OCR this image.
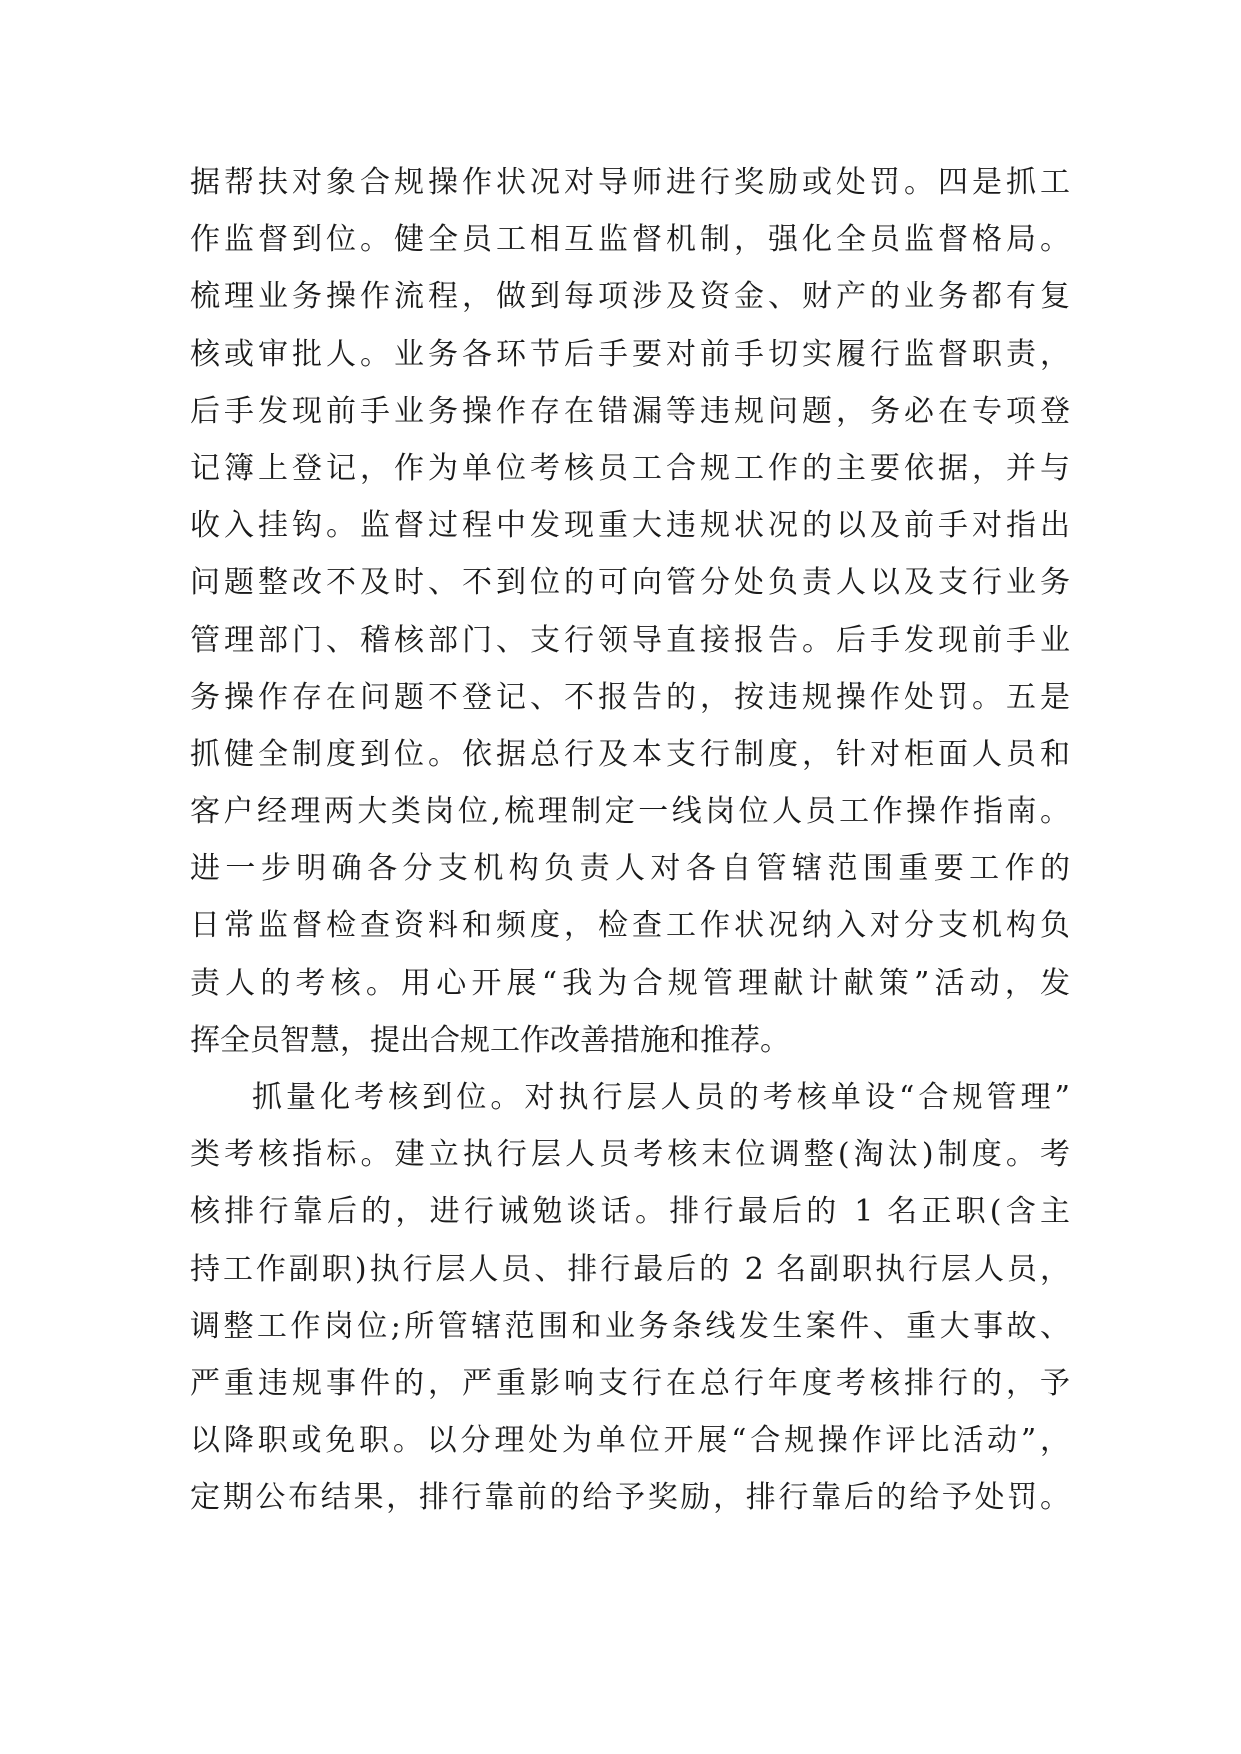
据帮扶对象合规操作状况对导师进行奖励或处罚。四是抓工
作监督到位。健全员工相互监督机制，强化全员监督格局。
梳理业务操作流程，做到每项涉及资金、财产的业务都有复
核或审批人。业务各环节后手要对前手切实履行监督职责，
后手发现前手业务操作存在错漏等违规问题，务必在专项登
记簿上登记，作为单位考核员工合规工作的主要依据，并与
收入挂钩。监督过程中发现重大违规状况的以及前手对指出
问题整改不及时、不到位的可向管分处负责人以及支行业务
管理部门、稽核部门、支行领导直接报告。后手发现前手业
务操作存在问题不登记、不报告的，按违规操作处罚。五是
抓健全制度到位。依据总行及本支行制度，针对柜面人员和
客户经理两大类岗位,梳理制定一线岗位人员工作操作指南。
进一步明确各分支机构负责人对各自管辖范围重要工作的
日常监督检查资料和频度，检查工作状况纳入对分支机构负
责人的考核。用心开展“我为合规管理献计献策”活动，发
挥全员智慧，提出合规工作改善措施和推荐。
抓量化考核到位。对执行层人员的考核单设“合规管理”
类考核指标。建立执行层人员考核末位调整(淘汰)制度。考
核排行靠后的，进行诫勉谈话。排行最后的 1 名正职(含主
持工作副职)执行层人员、排行最后的 2 名副职执行层人员，
调整工作岗位;所管辖范围和业务条线发生案件、重大事故、
严重违规事件的，严重影响支行在总行年度考核排行的，予
以降职或免职。以分理处为单位开展“合规操作评比活动”，
定期公布结果，排行靠前的给予奖励，排行靠后的给予处罚。
